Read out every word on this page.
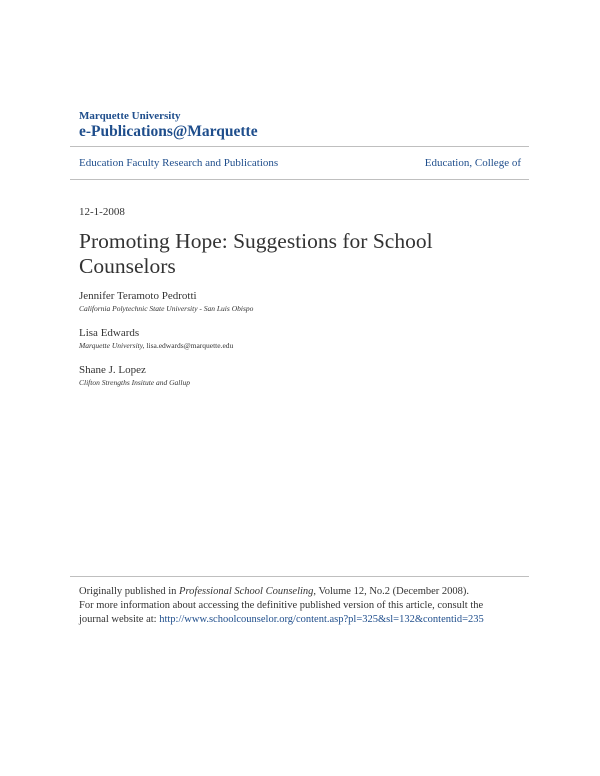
Marquette University
e-Publications@Marquette
Education Faculty Research and Publications	Education, College of
12-1-2008
Promoting Hope: Suggestions for School Counselors
Jennifer Teramoto Pedrotti
California Polytechnic State University - San Luis Obispo
Lisa Edwards
Marquette University, lisa.edwards@marquette.edu
Shane J. Lopez
Clifton Strengths Insitute and Gallup
Originally published in Professional School Counseling, Volume 12, No.2 (December 2008).
For more information about accessing the definitive published version of this article, consult the
journal website at: http://www.schoolcounselor.org/content.asp?pl=325&sl=132&contentid=235
